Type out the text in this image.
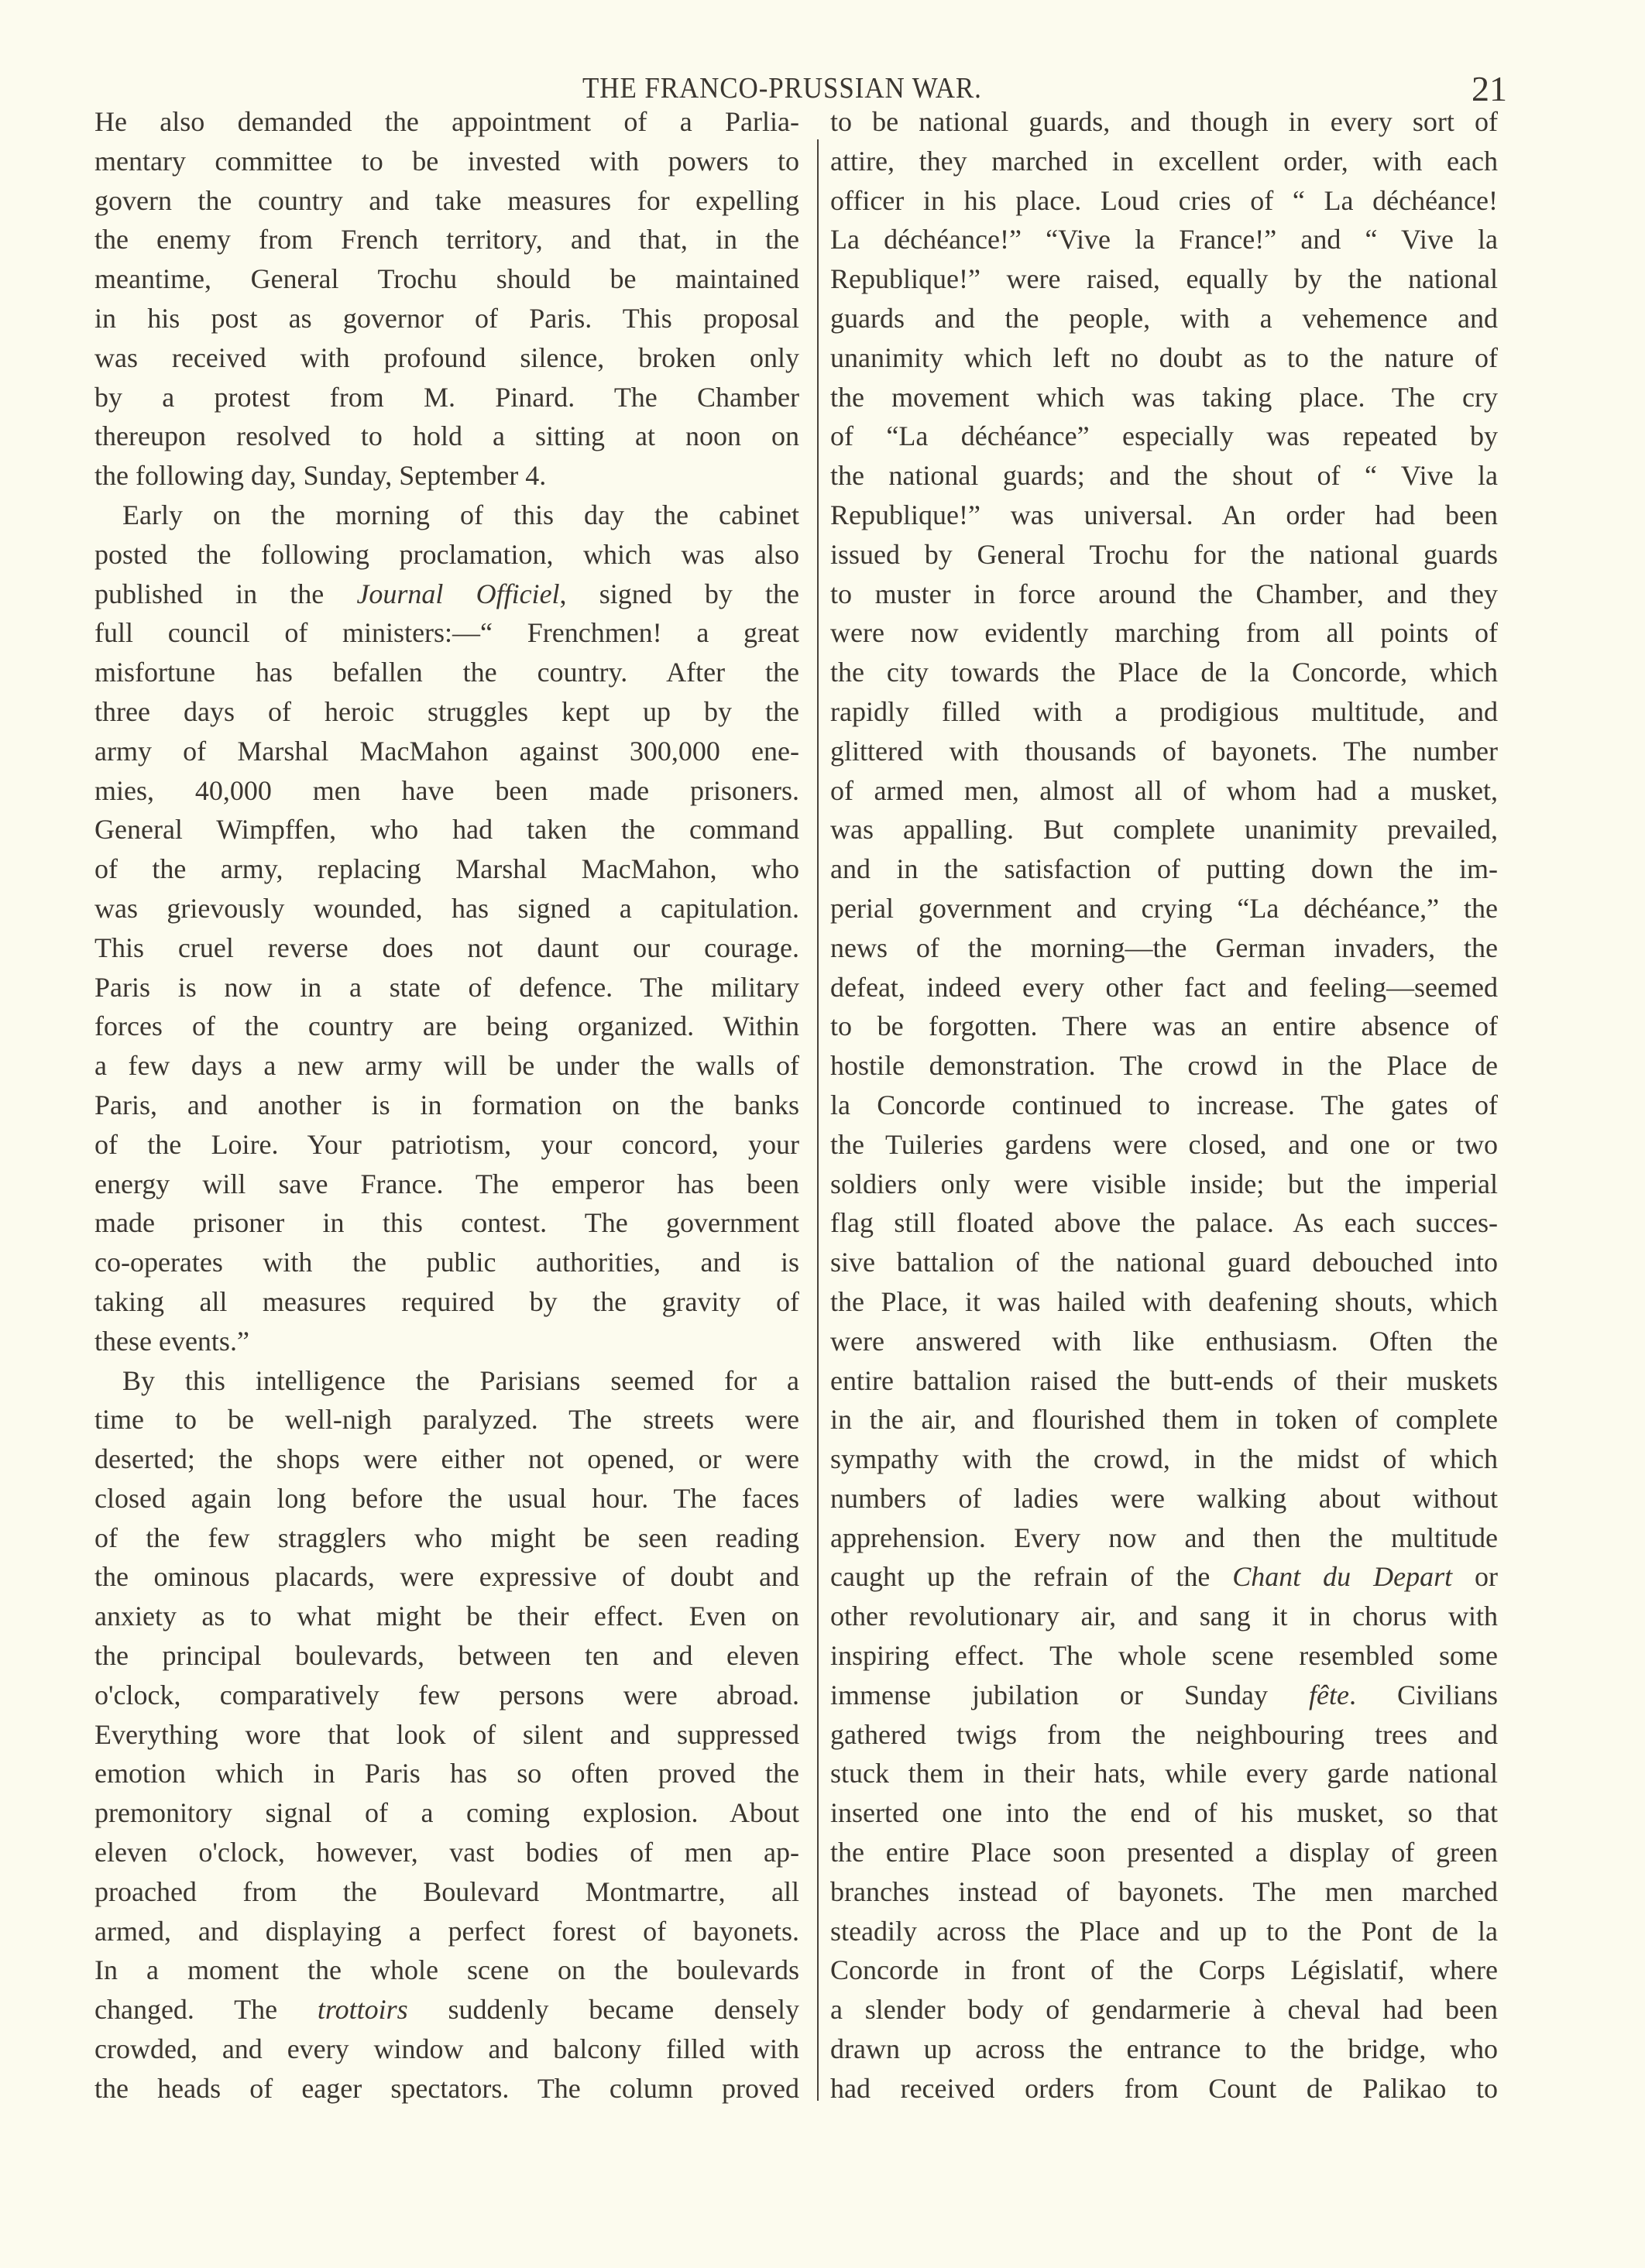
THE FRANCO-PRUSSIAN WAR.	21
He also demanded the appointment of a Parlia-
mentary committee to be invested with powers to
govern the country and take measures for expelling
the enemy from French territory, and that, in the
meantime, General Trochu should be maintained
in his post as governor of Paris. This proposal
was received with profound silence, broken only
by a protest from M. Pinard. The Chamber
thereupon resolved to hold a sitting at noon on
the following day, Sunday, September 4.
Early on the morning of this day the cabinet
posted the following proclamation, which was also
published in the Journal Officiel, signed by the
full council of ministers:—“ Frenchmen! a great
misfortune has befallen the country. After the
three days of heroic struggles kept up by the
army of Marshal MacMahon against 300,000 ene-
mies, 40,000 men have been made prisoners.
General Wimpffen, who had taken the command
of the army, replacing Marshal MacMahon, who
was grievously wounded, has signed a capitulation.
This cruel reverse does not daunt our courage.
Paris is now in a state of defence. The military
forces of the country are being organized. Within
a few days a new army will be under the walls of
Paris, and another is in formation on the banks
of the Loire. Your patriotism, your concord, your
energy will save France. The emperor has been
made prisoner in this contest. The government
co-operates with the public authorities, and is
taking all measures required by the gravity of
these events.”
By this intelligence the Parisians seemed for a
time to be well-nigh paralyzed. The streets were
deserted; the shops were either not opened, or were
closed again long before the usual hour. The faces
of the few stragglers who might be seen reading
the ominous placards, were expressive of doubt and
anxiety as to what might be their effect. Even on
the principal boulevards, between ten and eleven
o'clock, comparatively few persons were abroad.
Everything wore that look of silent and suppressed
emotion which in Paris has so often proved the
premonitory signal of a coming explosion. About
eleven o'clock, however, vast bodies of men ap-
proached from the Boulevard Montmartre, all
armed, and displaying a perfect forest of bayonets.
In a moment the whole scene on the boulevards
changed. The trottoirs suddenly became densely
crowded, and every window and balcony filled with
the heads of eager spectators. The column proved
to be national guards, and though in every sort of
attire, they marched in excellent order, with each
officer in his place. Loud cries of “ La déchéance!
La déchéance!” “Vive la France!” and “ Vive la
Republique!” were raised, equally by the national
guards and the people, with a vehemence and
unanimity which left no doubt as to the nature of
the movement which was taking place. The cry
of “La déchéance” especially was repeated by
the national guards; and the shout of “ Vive la
Republique!” was universal. An order had been
issued by General Trochu for the national guards
to muster in force around the Chamber, and they
were now evidently marching from all points of
the city towards the Place de la Concorde, which
rapidly filled with a prodigious multitude, and
glittered with thousands of bayonets. The number
of armed men, almost all of whom had a musket,
was appalling. But complete unanimity prevailed,
and in the satisfaction of putting down the im-
perial government and crying “La déchéance,” the
news of the morning—the German invaders, the
defeat, indeed every other fact and feeling—seemed
to be forgotten. There was an entire absence of
hostile demonstration. The crowd in the Place de
la Concorde continued to increase. The gates of
the Tuileries gardens were closed, and one or two
soldiers only were visible inside; but the imperial
flag still floated above the palace. As each succes-
sive battalion of the national guard debouched into
the Place, it was hailed with deafening shouts, which
were answered with like enthusiasm. Often the
entire battalion raised the butt-ends of their muskets
in the air, and flourished them in token of complete
sympathy with the crowd, in the midst of which
numbers of ladies were walking about without
apprehension. Every now and then the multitude
caught up the refrain of the Chant du Depart or
other revolutionary air, and sang it in chorus with
inspiring effect. The whole scene resembled some
immense jubilation or Sunday fête. Civilians
gathered twigs from the neighbouring trees and
stuck them in their hats, while every garde national
inserted one into the end of his musket, so that
the entire Place soon presented a display of green
branches instead of bayonets. The men marched
steadily across the Place and up to the Pont de la
Concorde in front of the Corps Législatif, where
a slender body of gendarmerie à cheval had been
drawn up across the entrance to the bridge, who
had received orders from Count de Palikao to
